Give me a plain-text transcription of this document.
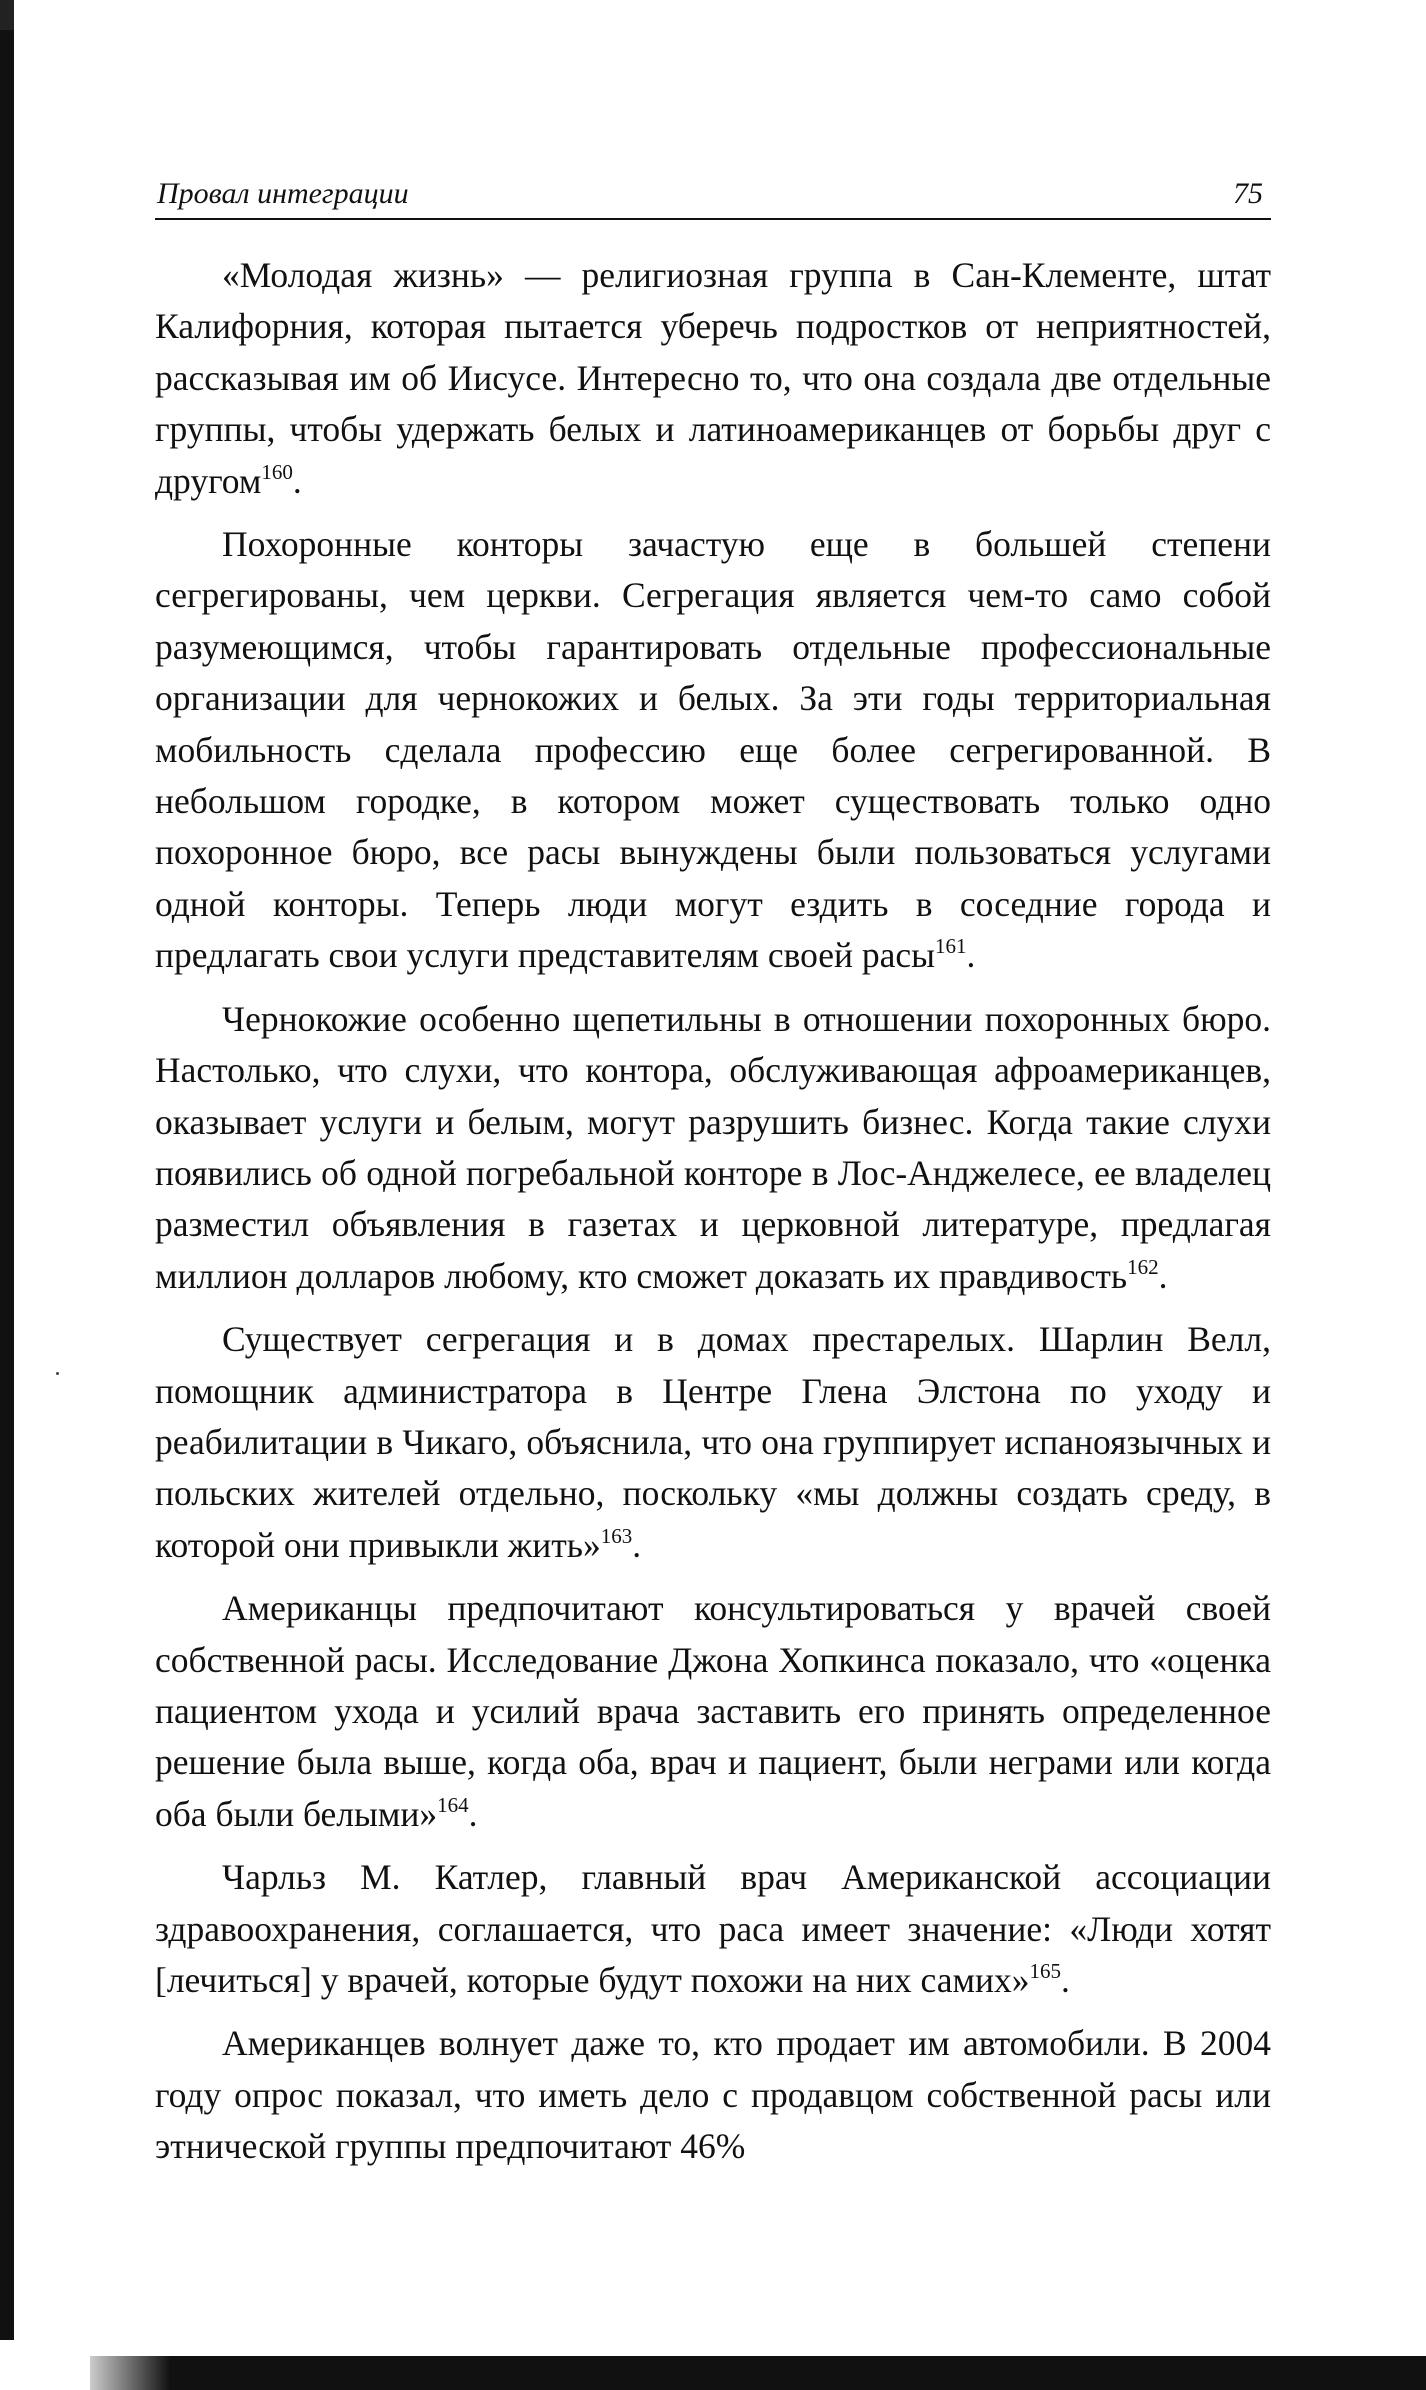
Провал интеграции	75

«Молодая жизнь» — религиозная группа в Сан-Клементе, штат Калифорния, которая пытается уберечь подростков от неприятностей, рассказывая им об Иисусе. Интересно то, что она создала две отдельные группы, чтобы удержать белых и латиноамериканцев от борьбы друг с другом$^{160}$.

Похоронные конторы зачастую еще в большей степени сегрегированы, чем церкви. Сегрегация является чем-то само собой разумеющимся, чтобы гарантировать отдельные профессиональные организации для чернокожих и белых. За эти годы территориальная мобильность сделала профессию еще более сегрегированной. В небольшом городке, в котором может существовать только одно похоронное бюро, все расы вынуждены были пользоваться услугами одной конторы. Теперь люди могут ездить в соседние города и предлагать свои услуги представителям своей расы$^{161}$.

Чернокожие особенно щепетильны в отношении похоронных бюро. Настолько, что слухи, что контора, обслуживающая афроамериканцев, оказывает услуги и белым, могут разрушить бизнес. Когда такие слухи появились об одной погребальной конторе в Лос-Анджелесе, ее владелец разместил объявления в газетах и церковной литературе, предлагая миллион долларов любому, кто сможет доказать их правдивость$^{162}$.

Существует сегрегация и в домах престарелых. Шарлин Велл, помощник администратора в Центре Глена Элстона по уходу и реабилитации в Чикаго, объяснила, что она группирует испаноязычных и польских жителей отдельно, поскольку «мы должны создать среду, в которой они привыкли жить»$^{163}$.

Американцы предпочитают консультироваться у врачей своей собственной расы. Исследование Джона Хопкинса показало, что «оценка пациентом ухода и усилий врача заставить его принять определенное решение была выше, когда оба, врач и пациент, были неграми или когда оба были белыми»$^{164}$.

Чарльз М. Катлер, главный врач Американской ассоциации здравоохранения, соглашается, что раса имеет значение: «Люди хотят [лечиться] у врачей, которые будут похожи на них самих»$^{165}$.

Американцев волнует даже то, кто продает им автомобили. В 2004 году опрос показал, что иметь дело с продавцом собственной расы или этнической группы предпочитают 46%
